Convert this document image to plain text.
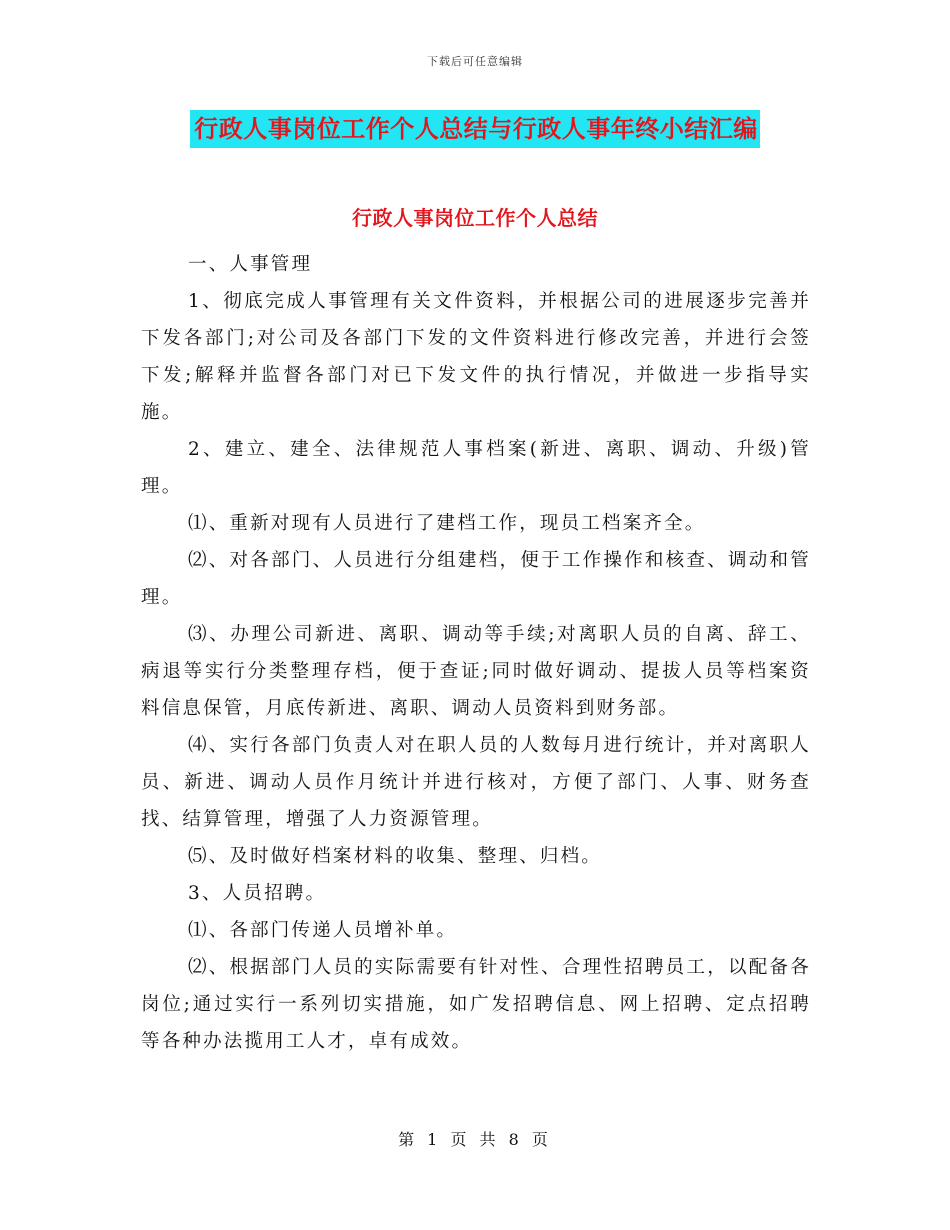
下载后可任意编辑
行政人事岗位工作个人总结与行政人事年终小结汇编
行政人事岗位工作个人总结

一、人事管理

1、彻底完成人事管理有关文件资料，并根据公司的进展逐步完善并下发各部门;对公司及各部门下发的文件资料进行修改完善，并进行会签下发;解释并监督各部门对已下发文件的执行情况，并做进一步指导实施。

2、建立、建全、法律规范人事档案(新进、离职、调动、升级)管理。

⑴、重新对现有人员进行了建档工作，现员工档案齐全。

⑵、对各部门、人员进行分组建档，便于工作操作和核查、调动和管理。

⑶、办理公司新进、离职、调动等手续;对离职人员的自离、辞工、病退等实行分类整理存档，便于查证;同时做好调动、提拔人员等档案资料信息保管，月底传新进、离职、调动人员资料到财务部。

⑷、实行各部门负责人对在职人员的人数每月进行统计，并对离职人员、新进、调动人员作月统计并进行核对，方便了部门、人事、财务查找、结算管理，增强了人力资源管理。

⑸、及时做好档案材料的收集、整理、归档。

3、人员招聘。

⑴、各部门传递人员增补单。

⑵、根据部门人员的实际需要有针对性、合理性招聘员工，以配备各岗位;通过实行一系列切实措施，如广发招聘信息、网上招聘、定点招聘等各种办法揽用工人才，卓有成效。

第 1 页 共 8 页
